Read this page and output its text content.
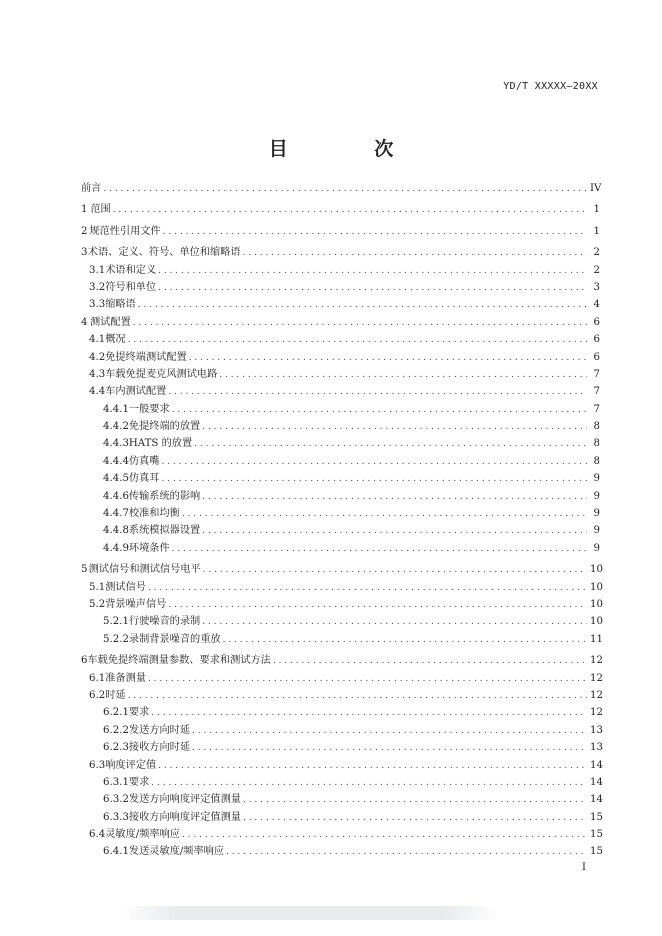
YD/T XXXXX—20XX
目 次
前言 . . .	IV
1 范围 . . .	1
2 规范性引用文件 . . .	1
3 术语、定义、符号、单位和缩略语 . . .	2
3.1 术语和定义 . . .	2
3.2 符号和单位 . . .	3
3.3 缩略语 . . .	4
4 测试配置 . . .	6
4.1 概况 . . .	6
4.2 免提终端测试配置 . . .	6
4.3 车载免提麦克风测试电路 . . .	7
4.4 车内测试配置 . . .	7
4.4.1 一般要求 . . .	7
4.4.2 免提终端的放置 . . .	8
4.4.3 HATS 的放置 . . .	8
4.4.4 仿真嘴 . . .	8
4.4.5 仿真耳 . . .	9
4.4.6 传输系统的影响 . . .	9
4.4.7 校准和均衡 . . .	9
4.4.8 系统模拟器设置 . . .	9
4.4.9 环境条件 . . .	9
5 测试信号和测试信号电平 . . .	10
5.1 测试信号 . . .	10
5.2 背景噪声信号 . . .	10
5.2.1 行驶噪音的录制 . . .	10
5.2.2 录制背景噪音的重放 . . .	11
6 车载免提终端测量参数、要求和测试方法 . . .	12
6.1 准备测量 . . .	12
6.2 时延 . . .	12
6.2.1 要求 . . .	12
6.2.2 发送方向时延 . . .	13
6.2.3 接收方向时延 . . .	13
6.3 响度评定值 . . .	14
6.3.1 要求 . . .	14
6.3.2 发送方向响度评定值测量 . . .	14
6.3.3 接收方向响度评定值测量 . . .	15
6.4 灵敏度/频率响应 . . .	15
6.4.1 发送灵敏度/频率响应 . . .	15
I
